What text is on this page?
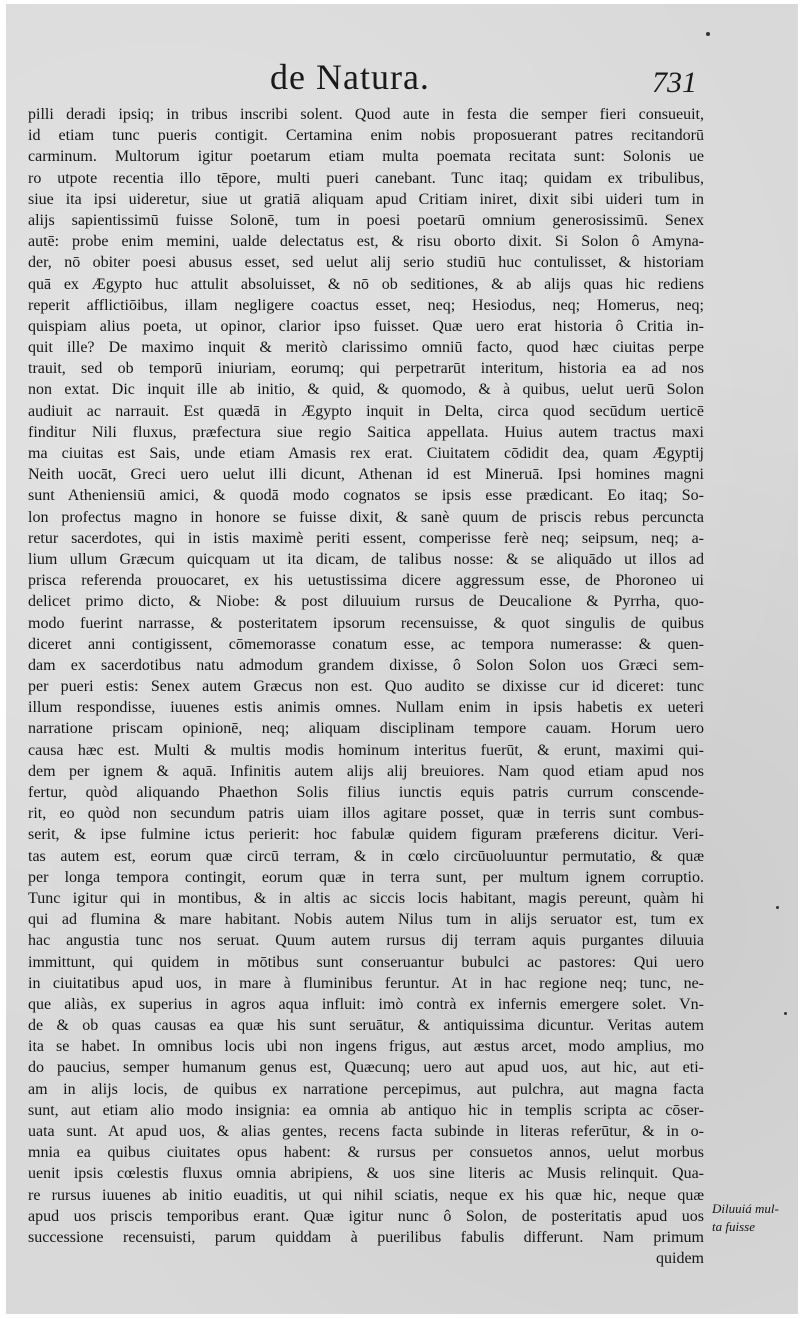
de Natura.	731
pilli deradi ipsiq; in tribus inscribi solent. Quod aute in festa die semper fieri consueuit,
id etiam tunc pueris contigit. Certamina enim nobis proposuerant patres recitandorū
carminum. Multorum igitur poetarum etiam multa poemata recitata sunt: Solonis ue
ro utpote recentia illo tēpore, multi pueri canebant. Tunc itaq; quidam ex tribulibus,
siue ita ipsi uideretur, siue ut gratiā aliquam apud Critiam iniret, dixit sibi uideri tum in
alijs sapientissimū fuisse Solonē, tum in poesi poetarū omnium generosissimū. Senex
autē: probe enim memini, ualde delectatus est, & risu oborto dixit. Si Solon ô Amyna-
der, nō obiter poesi abusus esset, sed uelut alij serio studiū huc contulisset, & historiam
quā ex Ægypto huc attulit absoluisset, & nō ob seditiones, & ab alijs quas hic rediens
reperit afflictiōibus, illam negligere coactus esset, neq; Hesiodus, neq; Homerus, neq;
quispiam alius poeta, ut opinor, clarior ipso fuisset. Quæ uero erat historia ô Critia in-
quit ille? De maximo inquit & meritò clarissimo omniū facto, quod hæc ciuitas perpe
trauit, sed ob temporū iniuriam, eorumq; qui perpetrarūt interitum, historia ea ad nos
non extat. Dic inquit ille ab initio, & quid, & quomodo, & à quibus, uelut uerū Solon
audiuit ac narrauit. Est quædā in Ægypto inquit in Delta, circa quod secūdum uerticē
finditur Nili fluxus, præfectura siue regio Saitica appellata. Huius autem tractus maxi
ma ciuitas est Sais, unde etiam Amasis rex erat. Ciuitatem cōdidit dea, quam Ægyptij
Neith uocāt, Greci uero uelut illi dicunt, Athenan id est Mineruā. Ipsi homines magni
sunt Atheniensiū amici, & quodā modo cognatos se ipsis esse prædicant. Eo itaq; So-
lon profectus magno in honore se fuisse dixit, & sanè quum de priscis rebus percuncta
retur sacerdotes, qui in istis maximè periti essent, comperisse ferè neq; seipsum, neq; a-
lium ullum Græcum quicquam ut ita dicam, de talibus nosse: & se aliquādo ut illos ad
prisca referenda prouocaret, ex his uetustissima dicere aggressum esse, de Phoroneo ui
delicet primo dicto, & Niobe: & post diluuium rursus de Deucalione & Pyrrha, quo-
modo fuerint narrasse, & posteritatem ipsorum recensuisse, & quot singulis de quibus
diceret anni contigissent, cōmemorasse conatum esse, ac tempora numerasse: & quen-
dam ex sacerdotibus natu admodum grandem dixisse, ô Solon Solon uos Græci sem-
per pueri estis: Senex autem Græcus non est. Quo audito se dixisse cur id diceret: tunc
illum respondisse, iuuenes estis animis omnes. Nullam enim in ipsis habetis ex ueteri
narratione priscam opinionē, neq; aliquam disciplinam tempore cauam. Horum uero
causa hæc est. Multi & multis modis hominum interitus fuerūt, & erunt, maximi qui-
dem per ignem & aquā. Infinitis autem alijs alij breuiores. Nam quod etiam apud nos
fertur, quòd aliquando Phaethon Solis filius iunctis equis patris currum conscende-
rit, eo quòd non secundum patris uiam illos agitare posset, quæ in terris sunt combus-
serit, & ipse fulmine ictus perierit: hoc fabulæ quidem figuram præferens dicitur. Veri-
tas autem est, eorum quæ circū terram, & in cœlo circūuoluuntur permutatio, & quæ
per longa tempora contingit, eorum quæ in terra sunt, per multum ignem corruptio.
Tunc igitur qui in montibus, & in altis ac siccis locis habitant, magis pereunt, quàm hi
qui ad flumina & mare habitant. Nobis autem Nilus tum in alijs seruator est, tum ex
hac angustia tunc nos seruat. Quum autem rursus dij terram aquis purgantes diluuia
immittunt, qui quidem in mōtibus sunt conseruantur bubulci ac pastores: Qui uero
in ciuitatibus apud uos, in mare à fluminibus feruntur. At in hac regione neq; tunc, ne-
que aliàs, ex superius in agros aqua influit: imò contrà ex infernis emergere solet. Vn-
de & ob quas causas ea quæ his sunt seruātur, & antiquissima dicuntur. Veritas autem
ita se habet. In omnibus locis ubi non ingens frigus, aut æstus arcet, modo amplius, mo
do paucius, semper humanum genus est, Quæcunq; uero aut apud uos, aut hic, aut eti-
am in alijs locis, de quibus ex narratione percepimus, aut pulchra, aut magna facta
sunt, aut etiam alio modo insignia: ea omnia ab antiquo hic in templis scripta ac cōser-
uata sunt. At apud uos, & alias gentes, recens facta subinde in literas referūtur, & in o-
mnia ea quibus ciuitates opus habent: & rursus per consuetos annos, uelut morbus
uenit ipsis cœlestis fluxus omnia abripiens, & uos sine literis ac Musis relinquit. Qua-
re rursus iuuenes ab initio euaditis, ut qui nihil sciatis, neque ex his quæ hic, neque quæ
apud uos priscis temporibus erant. Quæ igitur nunc ô Solon, de posteritatis apud uos
successione recensuisti, parum quiddam à puerilibus fabulis differunt. Nam primum
quidem
Diluuiá mul-
ta fuisse
